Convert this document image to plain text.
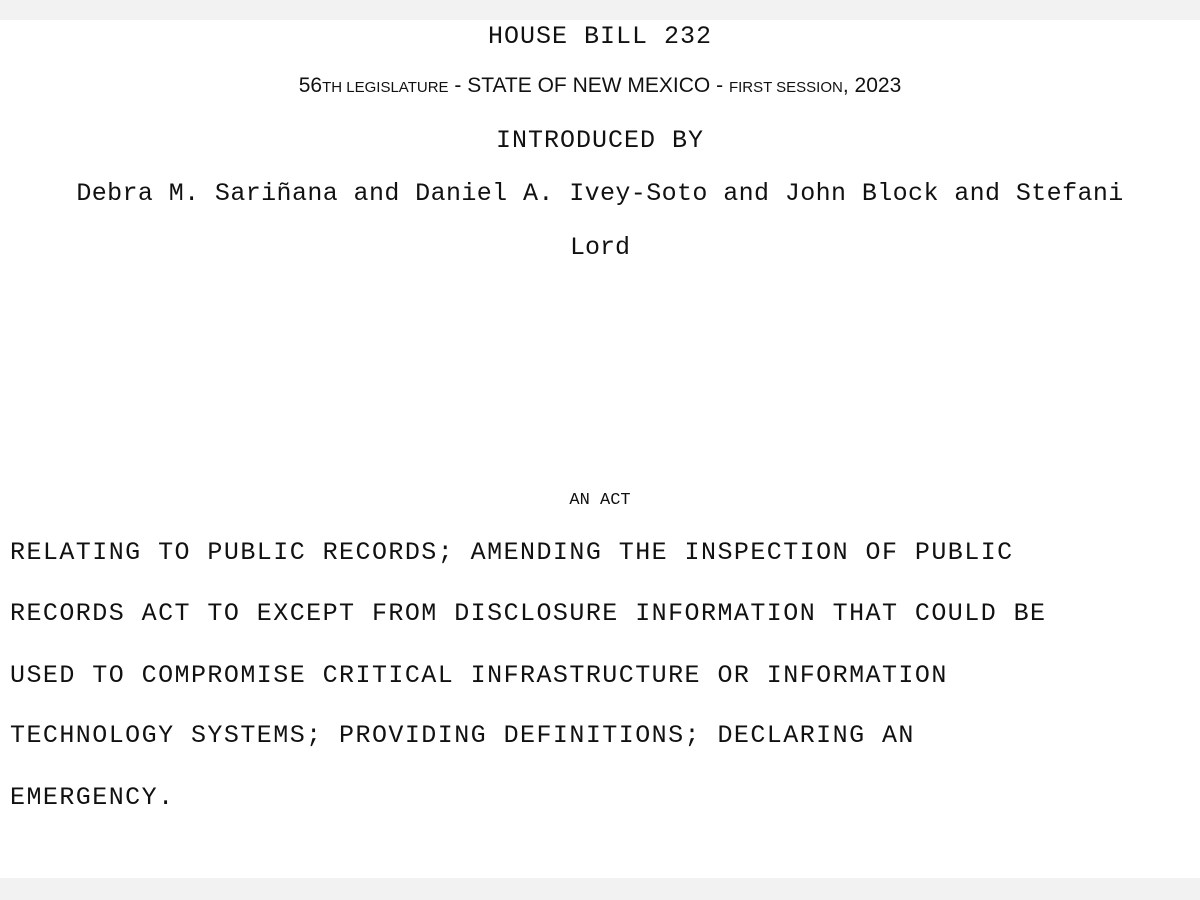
HOUSE BILL 232
56TH LEGISLATURE - STATE OF NEW MEXICO - FIRST SESSION, 2023
INTRODUCED BY
Debra M. Sariñana and Daniel A. Ivey-Soto and John Block and Stefani
Lord
AN ACT
RELATING TO PUBLIC RECORDS; AMENDING THE INSPECTION OF PUBLIC
RECORDS ACT TO EXCEPT FROM DISCLOSURE INFORMATION THAT COULD BE
USED TO COMPROMISE CRITICAL INFRASTRUCTURE OR INFORMATION
TECHNOLOGY SYSTEMS; PROVIDING DEFINITIONS; DECLARING AN
EMERGENCY.
